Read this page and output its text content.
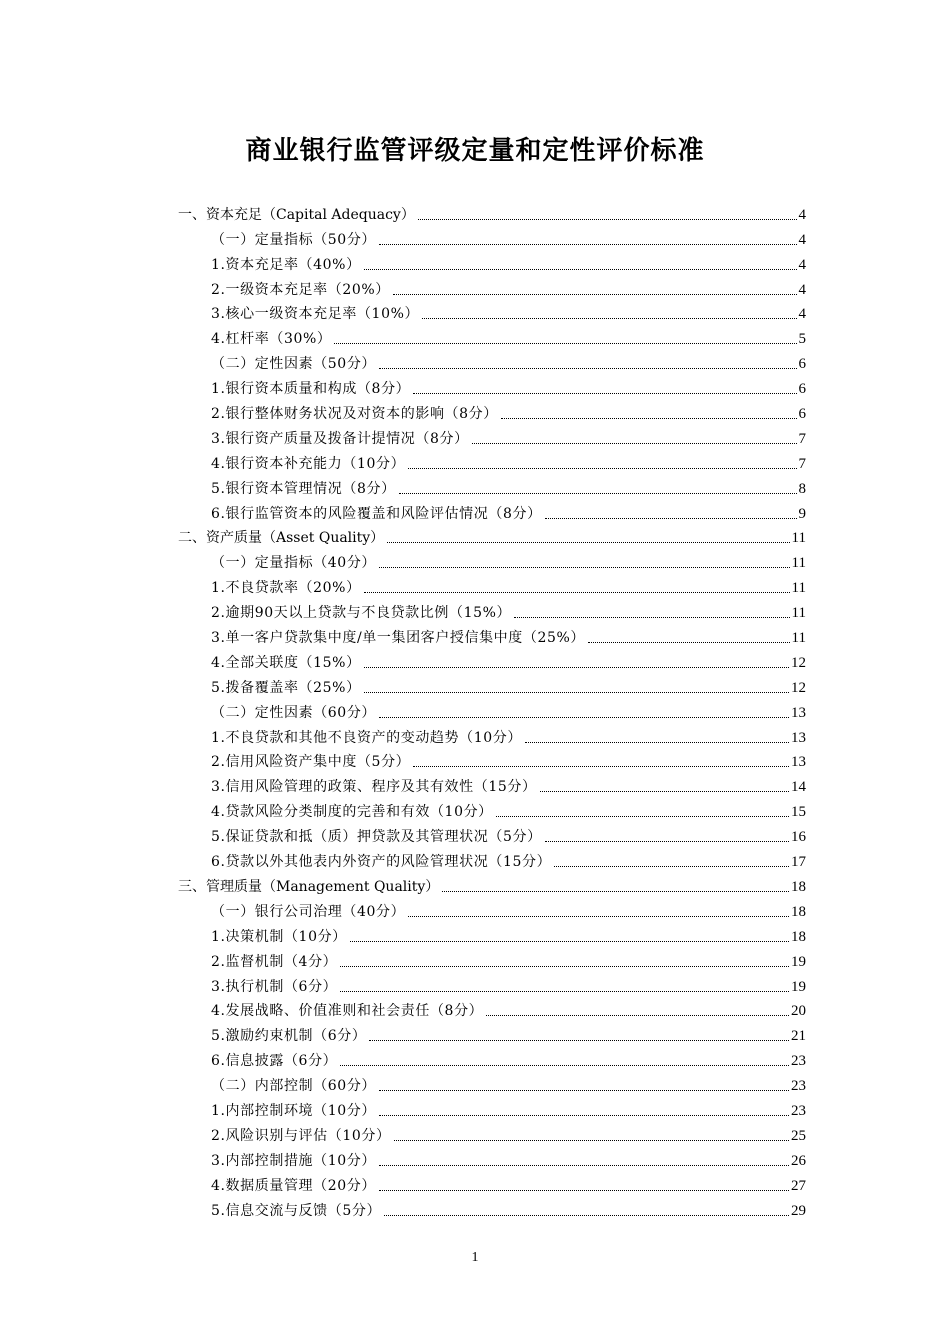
商业银行监管评级定量和定性评价标准
一、资本充足（Capital Adequacy）	4
（一）定量指标（50分）	4
1.资本充足率（40%）	4
2.一级资本充足率（20%）	4
3.核心一级资本充足率（10%）	4
4.杠杆率（30%）	5
（二）定性因素（50分）	6
1.银行资本质量和构成（8分）	6
2.银行整体财务状况及对资本的影响（8分）	6
3.银行资产质量及拨备计提情况（8分）	7
4.银行资本补充能力（10分）	7
5.银行资本管理情况（8分）	8
6.银行监管资本的风险覆盖和风险评估情况（8分）	9
二、资产质量（Asset Quality）	11
（一）定量指标（40分）	11
1.不良贷款率（20%）	11
2.逾期90天以上贷款与不良贷款比例（15%）	11
3.单一客户贷款集中度/单一集团客户授信集中度（25%）	11
4.全部关联度（15%）	12
5.拨备覆盖率（25%）	12
（二）定性因素（60分）	13
1.不良贷款和其他不良资产的变动趋势（10分）	13
2.信用风险资产集中度（5分）	13
3.信用风险管理的政策、程序及其有效性（15分）	14
4.贷款风险分类制度的完善和有效（10分）	15
5.保证贷款和抵（质）押贷款及其管理状况（5分）	16
6.贷款以外其他表内外资产的风险管理状况（15分）	17
三、管理质量（Management Quality）	18
（一）银行公司治理（40分）	18
1.决策机制（10分）	18
2.监督机制（4分）	19
3.执行机制（6分）	19
4.发展战略、价值准则和社会责任（8分）	20
5.激励约束机制（6分）	21
6.信息披露（6分）	23
（二）内部控制（60分）	23
1.内部控制环境（10分）	23
2.风险识别与评估（10分）	25
3.内部控制措施（10分）	26
4.数据质量管理（20分）	27
5.信息交流与反馈（5分）	29
1
